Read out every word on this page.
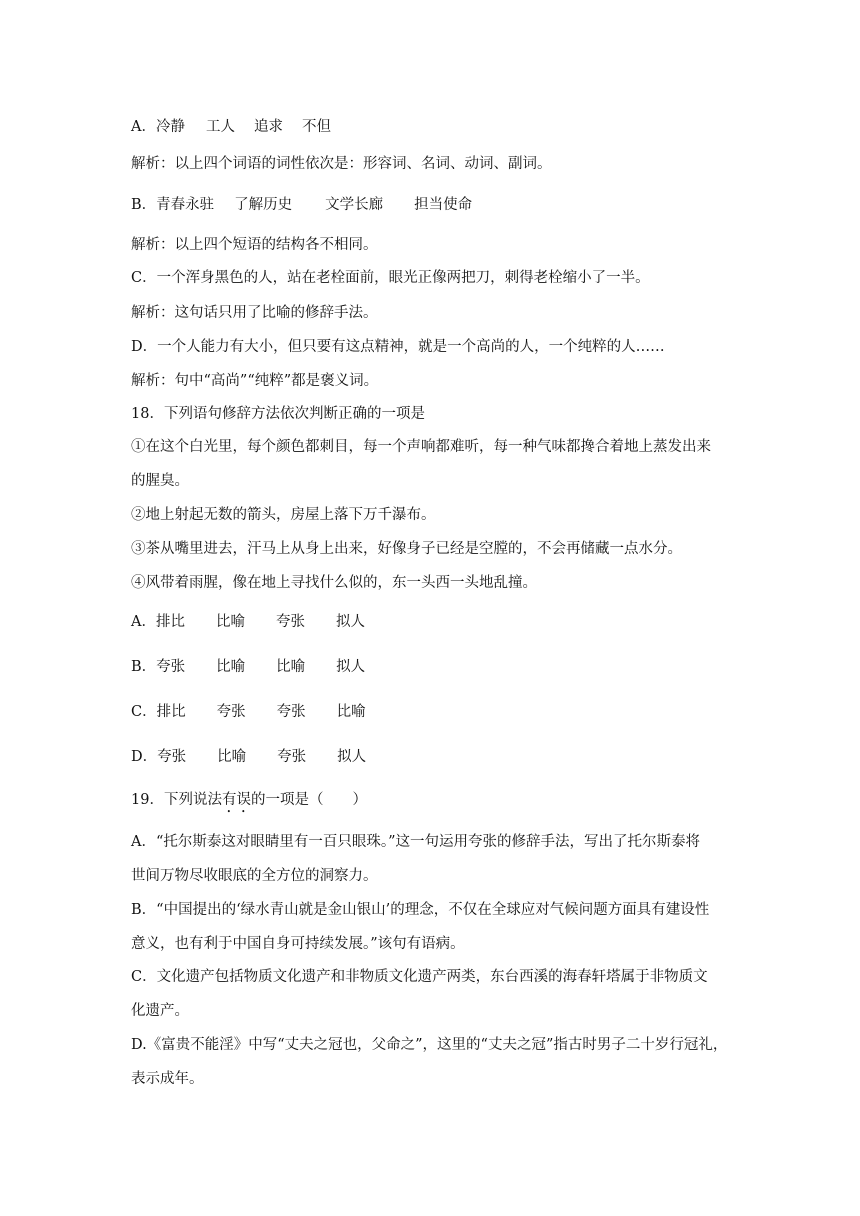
A．冷静 工人 追求 不但
解析：以上四个词语的词性依次是：形容词、名词、动词、副词。
B．青春永驻 了解历史 文学长廊 担当使命
解析：以上四个短语的结构各不相同。
C．一个浑身黑色的人，站在老栓面前，眼光正像两把刀，刺得老栓缩小了一半。
解析：这句话只用了比喻的修辞手法。
D．一个人能力有大小，但只要有这点精神，就是一个高尚的人，一个纯粹的人……
解析：句中“高尚”“纯粹”都是褒义词。
18．下列语句修辞方法依次判断正确的一项是
①在这个白光里，每个颜色都刺目，每一个声响都难听，每一种气味都搀合着地上蒸发出来
的腥臭。
②地上射起无数的箭头，房屋上落下万千瀑布。
③茶从嘴里进去，汗马上从身上出来，好像身子已经是空膛的，不会再储藏一点水分。
④风带着雨腥，像在地上寻找什么似的，东一头西一头地乱撞。
A．排比 比喻 夸张 拟人
B．夸张 比喻 比喻 拟人
C．排比 夸张 夸张 比喻
D．夸张 比喻 夸张 拟人
19．下列说法有误的一项是（　　）
A．“托尔斯泰这对眼睛里有一百只眼珠。”这一句运用夸张的修辞手法，写出了托尔斯泰将
世间万物尽收眼底的全方位的洞察力。
B．“中国提出的‘绿水青山就是金山银山’的理念，不仅在全球应对气候问题方面具有建设性
意义，也有利于中国自身可持续发展。”该句有语病。
C．文化遗产包括物质文化遗产和非物质文化遗产两类，东台西溪的海春轩塔属于非物质文
化遗产。
D.《富贵不能淫》中写“丈夫之冠也，父命之”，这里的“丈夫之冠”指古时男子二十岁行冠礼，
表示成年。
